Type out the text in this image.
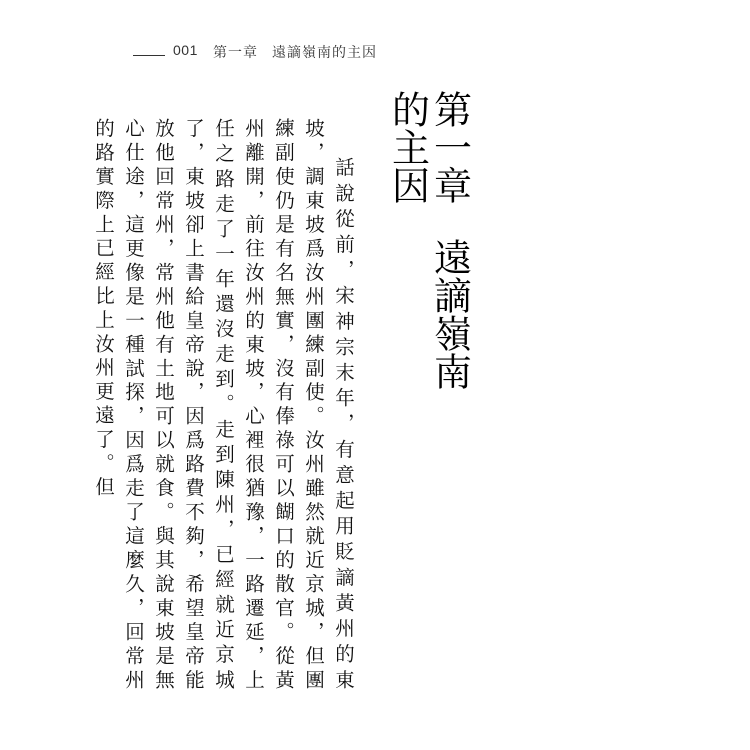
001 第一章 遠謫嶺南的主因
第一章遠謫嶺南的主因

話說從前，宋神宗末年，有意起用貶謫黃州的東坡，調東坡爲汝州團練副使。汝州雖然就近京城，但團練副使仍是有名無實，沒有俸祿可以餬口的散官。從黃州離開，前往汝州的東坡，心裡很猶豫，一路遷延，上任之路走了一年還沒走到。走到陳州，已經就近京城了，東坡卻上書給皇帝說，因爲路費不夠，希望皇帝能放他回常州，常州他有土地可以就食。與其說東坡是無心仕途，這更像是一種試探，因爲走了這麼久，回常州的路實際上已經比上汝州更遠了。但
